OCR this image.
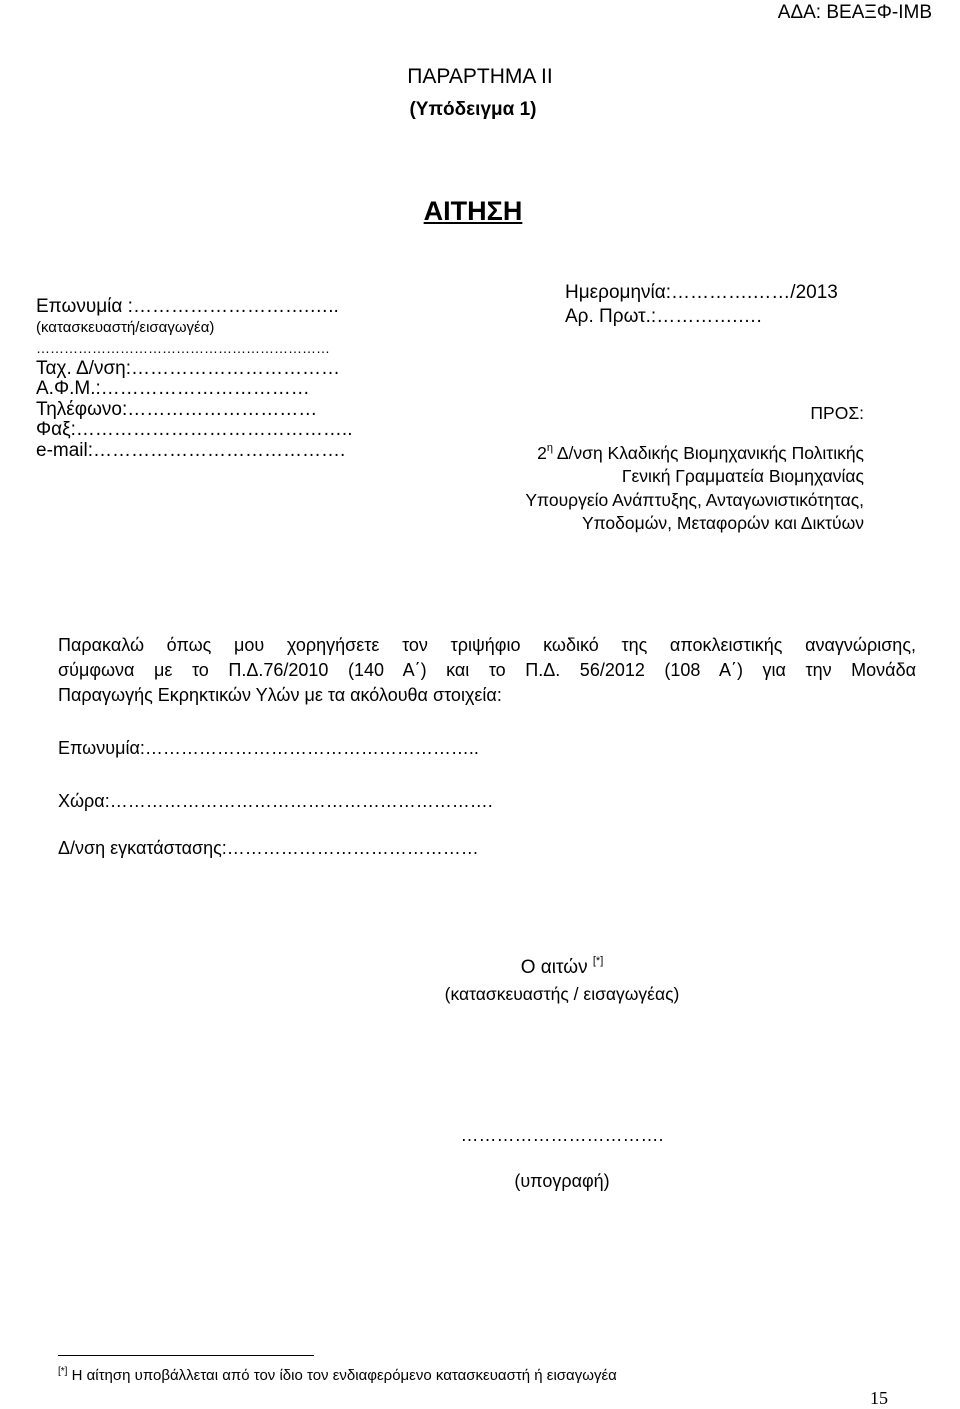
ΑΔΑ: ΒΕΑΞΦ-ΙΜΒ
ΠΑΡΑΡΤΗΜΑ ΙΙ
(Υπόδειγμα 1)
ΑΙΤΗΣΗ
Ημερομηνία:………….……/2013
Αρ. Πρωτ.:………….….
Επωνυμία :……………………….…..
(κατασκευαστή/εισαγωγέα)
………………………………………………………
Ταχ. Δ/νση:……………………………
Α.Φ.Μ.:……………………………
Τηλέφωνο:…………………………
Φαξ:……………………………………..
e-mail:………………………………….
ΠΡΟΣ:
$2^\eta$ Δ/νση Κλαδικής Βιομηχανικής Πολιτικής
Γενική Γραμματεία Βιομηχανίας
Υπουργείο Ανάπτυξης, Ανταγωνιστικότητας,
Υποδομών, Μεταφορών και Δικτύων

Παρακαλώ όπως μου χορηγήσετε τον τριψήφιο κωδικό της αποκλειστικής αναγνώρισης,

σύμφωνα με το Π.Δ.76/2010 (140 Α΄) και το Π.Δ. 56/2012 (108 Α΄) για την Μονάδα

Παραγωγής Εκρηκτικών Υλών με τα ακόλουθα στοιχεία:

Επωνυμία:………………………………………………..
Χώρα:……………………………………………………….
Δ/νση εγκατάστασης:……………………………………
Ο αιτών [*]
(κατασκευαστής / εισαγωγέας)
…………………………….
(υπογραφή)
[*] Η αίτηση υποβάλλεται από τον ίδιο τον ενδιαφερόμενο κατασκευαστή ή εισαγωγέα
15
